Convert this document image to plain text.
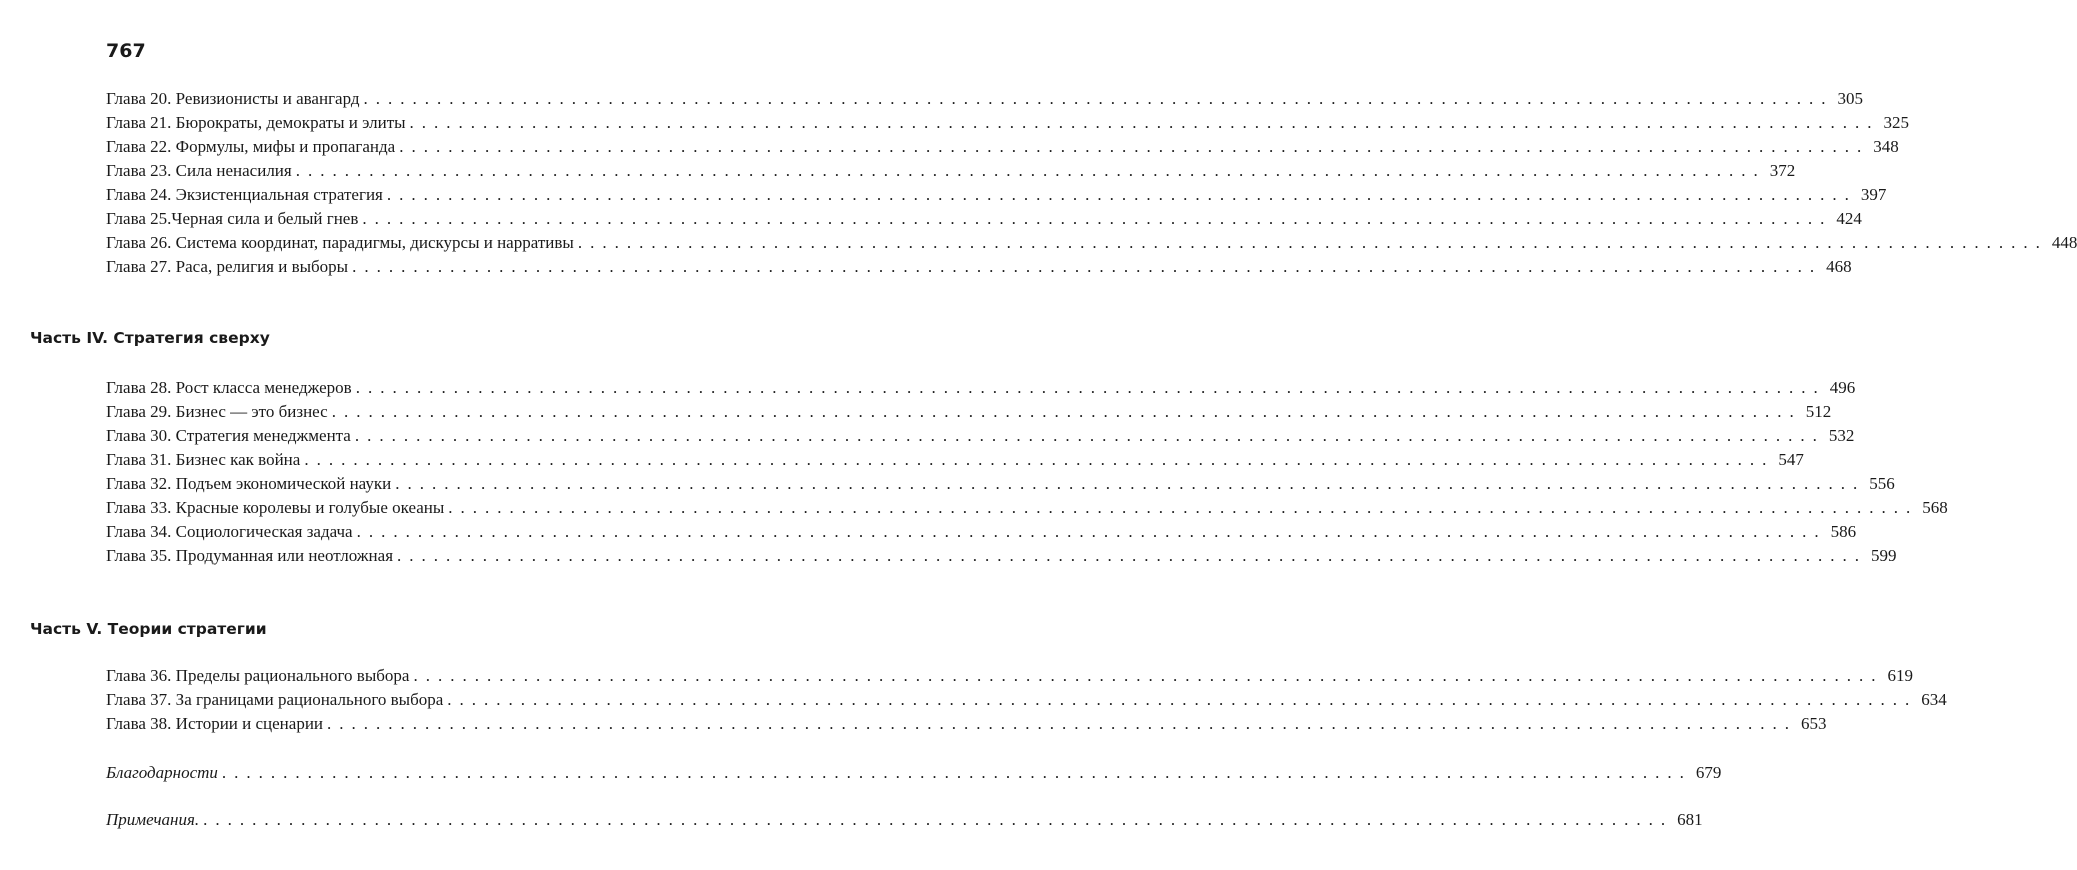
767
Глава 20. Ревизионисты и авангард ........................................................................................................................ 305
Глава 21. Бюрократы, демократы и элиты ........................................................................................................................ 325
Глава 22. Формулы, мифы и пропаганда ........................................................................................................................ 348
Глава 23. Сила ненасилия ........................................................................................................................ 372
Глава 24. Экзистенциальная стратегия ........................................................................................................................ 397
Глава 25.Черная сила и белый гнев ........................................................................................................................ 424
Глава 26. Система координат, парадигмы, дискурсы и нарративы ........................................................................................................................ 448
Глава 27. Раса, религия и выборы ........................................................................................................................ 468
Часть IV. Стратегия сверху
Глава 28. Рост класса менеджеров ........................................................................................................................ 496
Глава 29. Бизнес — это бизнес ........................................................................................................................ 512
Глава 30. Стратегия менеджмента ........................................................................................................................ 532
Глава 31. Бизнес как война ........................................................................................................................ 547
Глава 32. Подъем экономической науки ........................................................................................................................ 556
Глава 33. Красные королевы и голубые океаны ........................................................................................................................ 568
Глава 34. Социологическая задача ........................................................................................................................ 586
Глава 35. Продуманная или неотложная ........................................................................................................................ 599
Часть V. Теории стратегии
Глава 36. Пределы рационального выбора ........................................................................................................................ 619
Глава 37. За границами рационального выбора ........................................................................................................................ 634
Глава 38. Истории и сценарии ........................................................................................................................ 653
Благодарности ........................................................................................................................ 679
Примечания. ........................................................................................................................ 681
